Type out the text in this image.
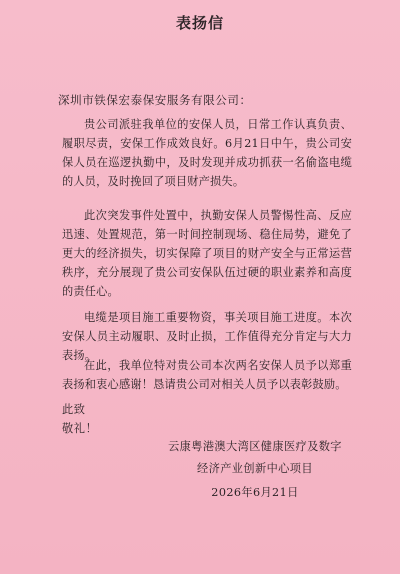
表扬信
深圳市铁保宏泰保安服务有限公司：
贵公司派驻我单位的安保人员，日常工作认真负责、履职尽责，安保工作成效良好。6月21日中午，贵公司安保人员在巡逻执勤中，及时发现并成功抓获一名偷盗电缆的人员，及时挽回了项目财产损失。
此次突发事件处置中，执勤安保人员警惕性高、反应迅速、处置规范，第一时间控制现场、稳住局势，避免了更大的经济损失，切实保障了项目的财产安全与正常运营秩序，充分展现了贵公司安保队伍过硬的职业素养和高度的责任心。
电缆是项目施工重要物资，事关项目施工进度。本次安保人员主动履职、及时止损，工作值得充分肯定与大力表扬。
在此，我单位特对贵公司本次两名安保人员予以郑重表扬和衷心感谢！恳请贵公司对相关人员予以表彰鼓励。
此致
敬礼！
云康粤港澳大湾区健康医疗及数字
经济产业创新中心项目
2026年6月21日
